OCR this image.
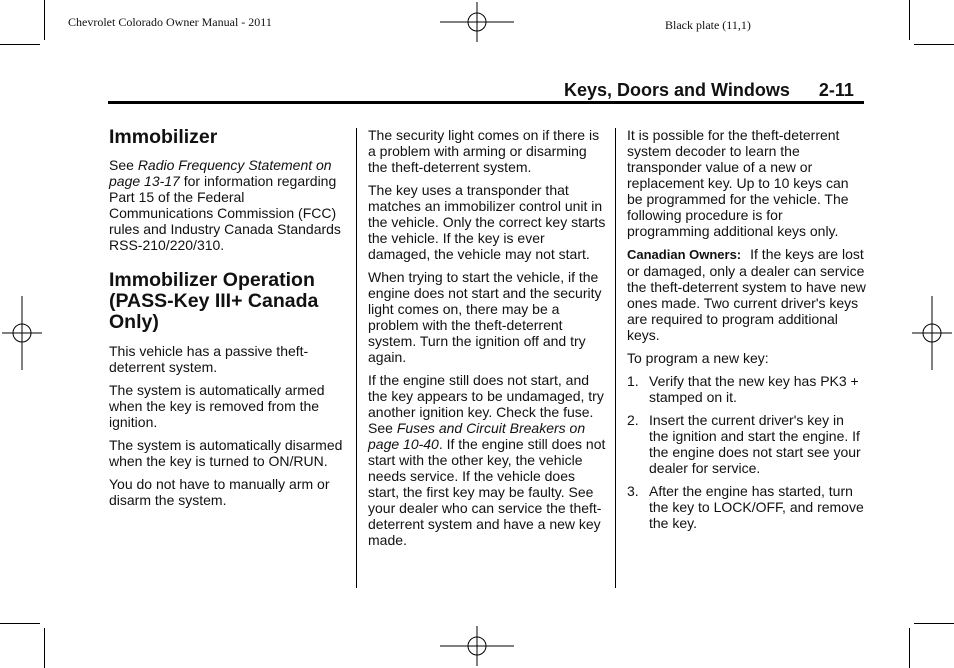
Chevrolet Colorado Owner Manual - 2011	Black plate (11,1)
Keys, Doors and Windows 2-11
Immobilizer

See Radio Frequency Statement on page 13-17 for information regarding Part 15 of the Federal Communications Commission (FCC) rules and Industry Canada Standards RSS-210/220/310.

Immobilizer Operation (PASS-Key III+ Canada Only)

This vehicle has a passive theft-deterrent system.

The system is automatically armed when the key is removed from the ignition.

The system is automatically disarmed when the key is turned to ON/RUN.

You do not have to manually arm or disarm the system.

The security light comes on if there is a problem with arming or disarming the theft-deterrent system.

The key uses a transponder that matches an immobilizer control unit in the vehicle. Only the correct key starts the vehicle. If the key is ever damaged, the vehicle may not start.

When trying to start the vehicle, if the engine does not start and the security light comes on, there may be a problem with the theft-deterrent system. Turn the ignition off and try again.

If the engine still does not start, and the key appears to be undamaged, try another ignition key. Check the fuse. See Fuses and Circuit Breakers on page 10-40. If the engine still does not start with the other key, the vehicle needs service. If the vehicle does start, the first key may be faulty. See your dealer who can service the theft-deterrent system and have a new key made.

It is possible for the theft-deterrent system decoder to learn the transponder value of a new or replacement key. Up to 10 keys can be programmed for the vehicle. The following procedure is for programming additional keys only.

Canadian Owners: If the keys are lost or damaged, only a dealer can service the theft-deterrent system to have new ones made. Two current driver's keys are required to program additional keys.

To program a new key:

1. Verify that the new key has PK3 + stamped on it.
2. Insert the current driver's key in the ignition and start the engine. If the engine does not start see your dealer for service.
3. After the engine has started, turn the key to LOCK/OFF, and remove the key.
